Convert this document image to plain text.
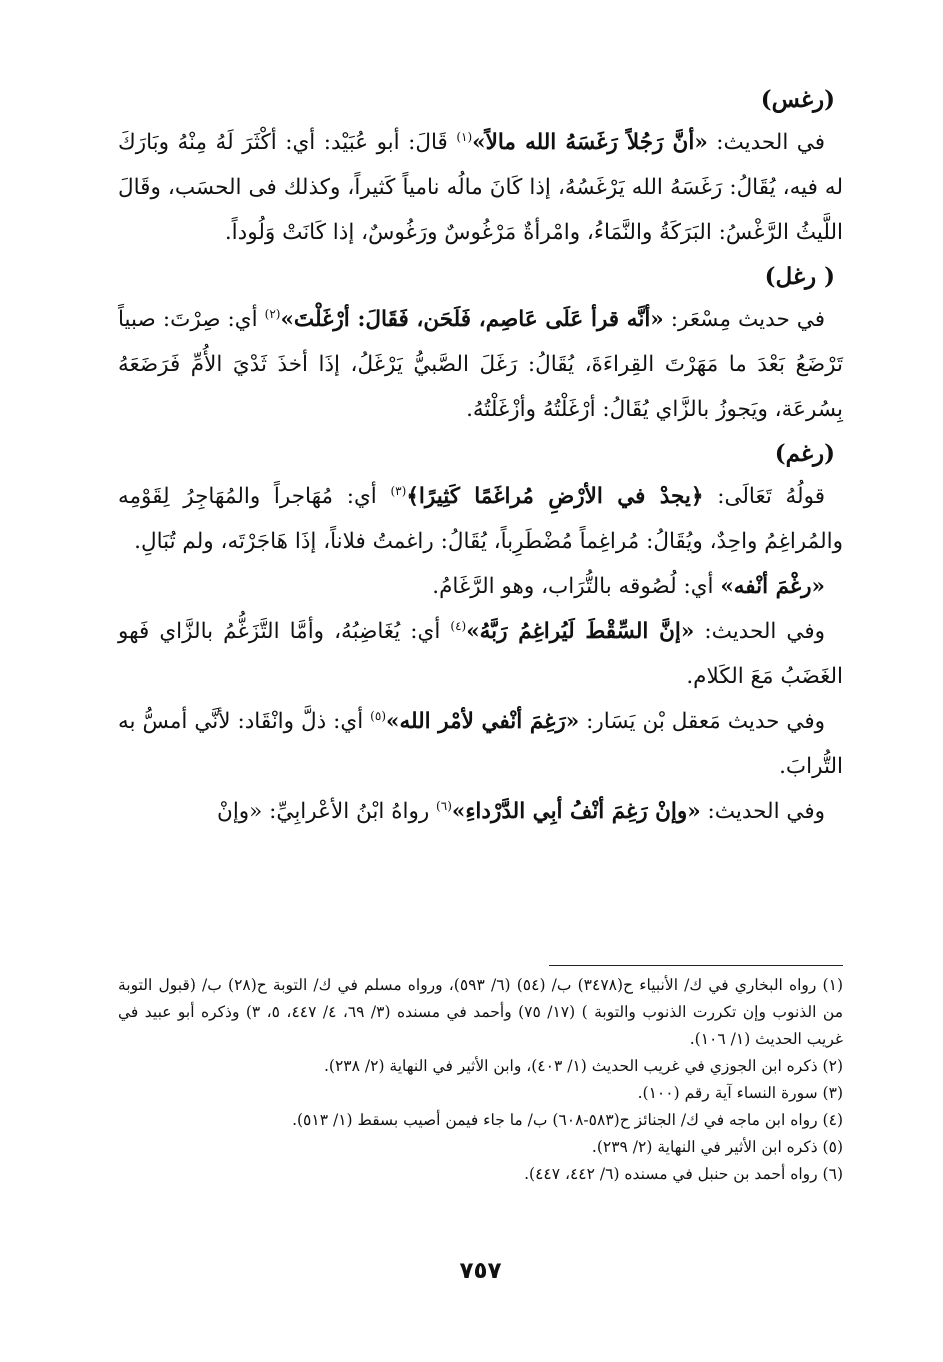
(رغس)

في الحديث: «أنَّ رَجُلاً رَغَسَهُ الله مالاً»$^{(١)}$ قَالَ: أبو عُبَيْد: أي: أكْثَرَ لَهُ مِنْهُ وبَارَكَ له فيه، يُقَالُ: رَغَسَهُ الله يَرْغَسُهُ، إذا كَانَ مالُه نامياً كَثيراً، وكذلك فى الحسَب، وقَالَ اللَّيثُ الرَّغْسُ: البَرَكَةُ والنَّمَاءُ، وامْرأةٌ مَرْغُوسٌ ورَغُوسٌ، إذا كَانَتْ وَلُوداً.

( رغل)

في حديث مِسْعَر: «أنَّه قرأ عَلَى عَاصِم، فَلَحَن، فَقَالَ: أرْغَلْتَ»$^{(٢)}$ أي: صِرْتَ: صبياً تَرْضَعُ بَعْدَ ما مَهَرْتَ القِراءَةَ، يُقَالُ: رَغَلَ الصَّبيُّ يَرْغَلُ، إذَا أخذَ ثَدْيَ الأُمِّ فَرَضَعَهُ بِسُرعَة، ويَجوزُ بالزَّاي يُقَالُ: أرْغَلْتُهُ وأزْغَلْتُهُ.

(رغم)

قولُهُ تَعَالَى: ﴿يجدْ في الأرْضِ مُراغَمًا كَثِيرًا﴾$^{(٣)}$ أي: مُهَاجراً والمُهَاجِرُ لِقَوْمِه والمُراغِمُ واحِدٌ، ويُقَالُ: مُراغِماً مُضْطَرِباً، يُقَالُ: راغمتُ فلاناً، إذَا هَاجَرْتَه، ولم تُبَالِ.

«رغْمَ أنْفه» أي: لُصُوقه بالتُّرَاب، وهو الرَّغَامُ.

وفي الحديث: «إنَّ السِّقْطَ لَيُراغِمُ رَبَّهُ»$^{(٤)}$ أي: يُغَاضِبُهُ، وأمَّا التَّزَغُّمُ بالزَّاي فَهو الغَضَبُ مَعَ الكَلام.

وفي حديث مَعقل بْن يَسَار: «رَغِمَ أنْفي لأمْر الله»$^{(٥)}$ أي: ذلَّ وانْقَاد: لأنَّي أمسُّ به التُّرابَ.

وفي الحديث: «وإنْ رَغِمَ أنْفُ أبِي الدَّرْداءِ»$^{(٦)}$ رواهُ ابْنُ الأعْرابِيِّ: «وإنْ

(١) رواه البخاري في ك/ الأنبياء ح(٣٤٧٨) ب/ (٥٤) (٦/ ٥٩٣)، ورواه مسلم في ك/ التوبة ح(٢٨) ب/ (قبول التوبة من الذنوب وإن تكررت الذنوب والتوبة ) (١٧/ ٧٥) وأحمد في مسنده (٣/ ٦٩، ٤/ ٤٤٧، ٥، ٣) وذكره أبو عبيد في غريب الحديث (١/ ١٠٦).

(٢) ذكره ابن الجوزي في غريب الحديث (١/ ٤٠٣)، وابن الأثير في النهاية (٢/ ٢٣٨).

(٣) سورة النساء آية رقم (١٠٠).

(٤) رواه ابن ماجه في ك/ الجنائز ح(٥٨٣-٦٠٨) ب/ ما جاء فيمن أصيب بسقط (١/ ٥١٣).

(٥) ذكره ابن الأثير في النهاية (٢/ ٢٣٩).

(٦) رواه أحمد بن حنبل في مسنده (٦/ ٤٤٢، ٤٤٧).

٧٥٧
